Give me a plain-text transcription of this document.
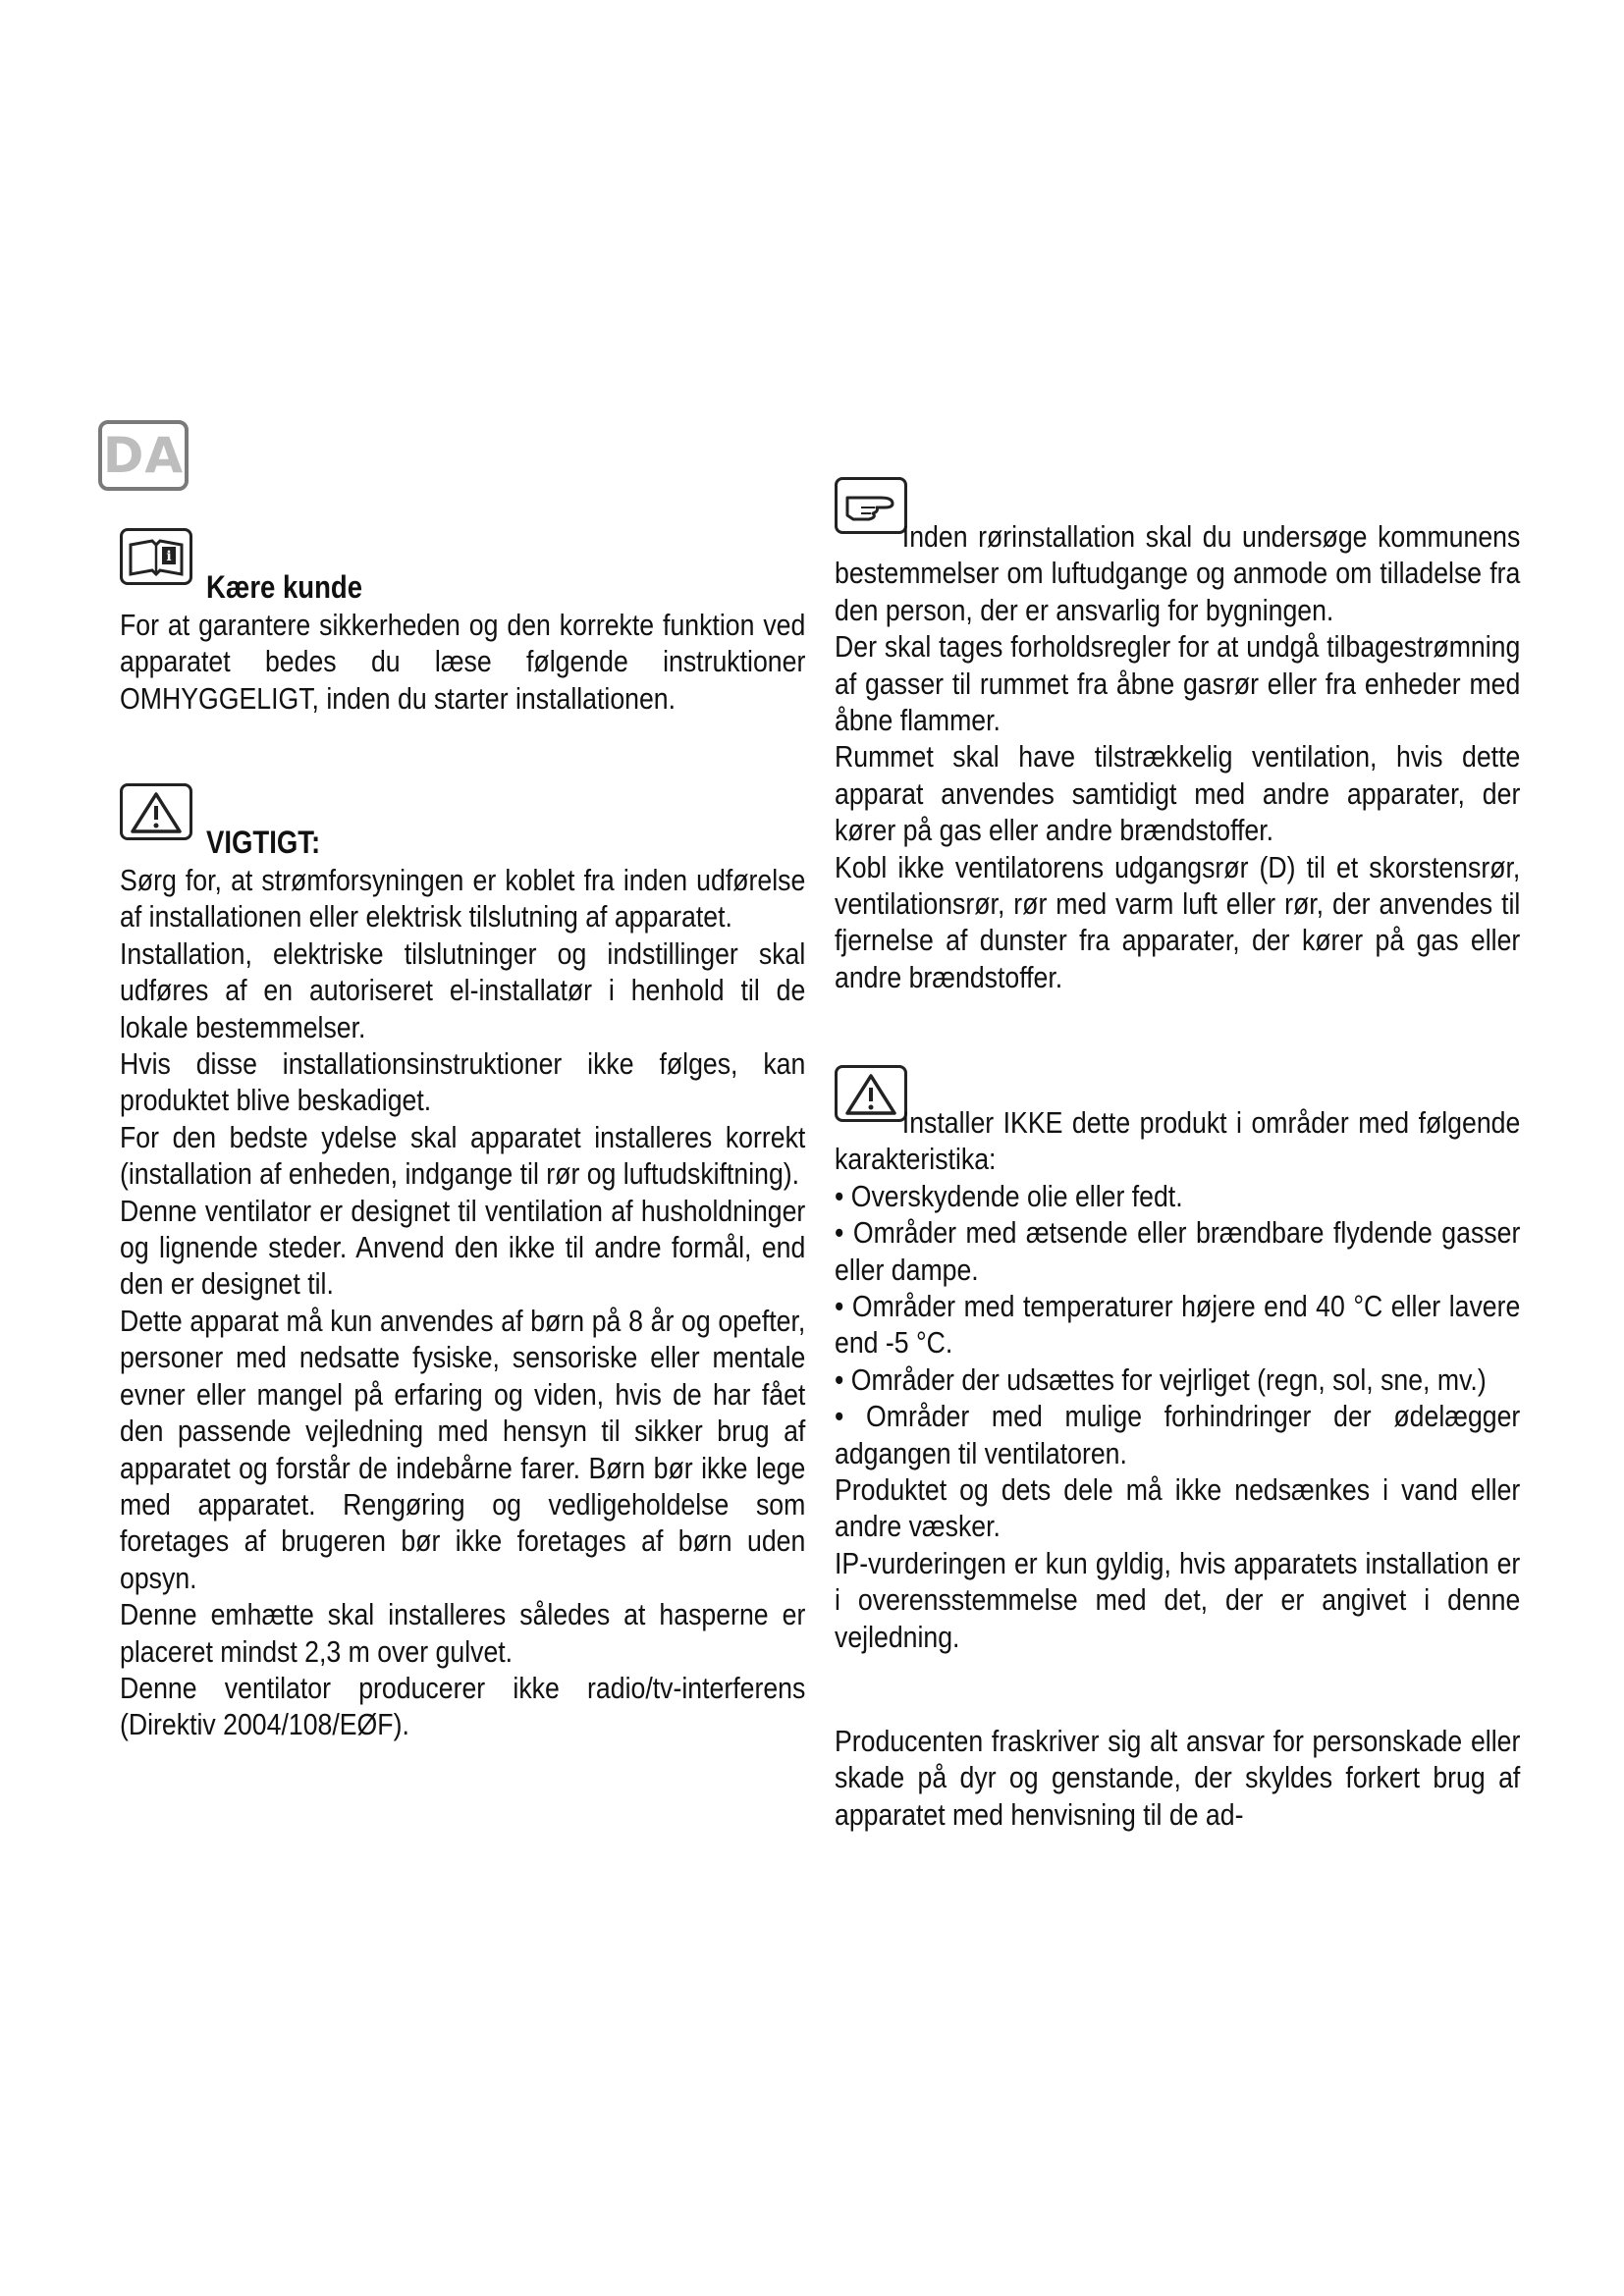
DA
i
Kære kunde

For at garantere sikkerheden og den korrekte funktion ved apparatet bedes du læse følgende instruktioner OMHYGGELIGT, inden du starter installationen.

VIGTIGT:

Sørg for, at strømforsyningen er koblet fra inden udførelse af installationen eller elektrisk tilslutning af apparatet.

Installation, elektriske tilslutninger og indstillinger skal udføres af en autoriseret el-installatør i henhold til de lokale bestemmelser.

Hvis disse installationsinstruktioner ikke følges, kan produktet blive beskadiget.

For den bedste ydelse skal apparatet installeres korrekt (installation af enheden, indgange til rør og luftudskiftning).

Denne ventilator er designet til ventilation af husholdninger og lignende steder. Anvend den ikke til andre formål, end den er designet til.

Dette apparat må kun anvendes af børn på 8 år og opefter, personer med nedsatte fysiske, sensoriske eller mentale evner eller mangel på erfaring og viden, hvis de har fået den passende vejledning med hensyn til sikker brug af apparatet og forstår de indebårne farer. Børn bør ikke lege med apparatet. Rengøring og vedligeholdelse som foretages af brugeren bør ikke foretages af børn uden opsyn.

Denne emhætte skal installeres således at hasperne er placeret mindst 2,3 m over gulvet.

Denne ventilator producerer ikke radio/tv-interferens (Direktiv 2004/108/EØF).

Inden rørinstallation skal du undersøge kommunens bestemmelser om luftudgange og anmode om tilladelse fra den person, der er ansvarlig for bygningen.

Der skal tages forholdsregler for at undgå tilbagestrømning af gasser til rummet fra åbne gasrør eller fra enheder med åbne flammer.

Rummet skal have tilstrækkelig ventilation, hvis dette apparat anvendes samtidigt med andre apparater, der kører på gas eller andre brændstoffer.

Kobl ikke ventilatorens udgangsrør (D) til et skorstensrør, ventilationsrør, rør med varm luft eller rør, der anvendes til fjernelse af dunster fra apparater, der kører på gas eller andre brændstoffer.

Installer IKKE dette produkt i områder med følgende karakteristika:

• Overskydende olie eller fedt.

• Områder med ætsende eller brændbare flydende gasser eller dampe.

• Områder med temperaturer højere end 40 °C eller lavere end -5 °C.

• Områder der udsættes for vejrliget (regn, sol, sne, mv.)

• Områder med mulige forhindringer der ødelægger adgangen til ventilatoren.

Produktet og dets dele må ikke nedsænkes i vand eller andre væsker.

IP-vurderingen er kun gyldig, hvis apparatets installation er i overensstemmelse med det, der er angivet i denne vejledning.

Producenten fraskriver sig alt ansvar for personskade eller skade på dyr og genstande, der skyldes forkert brug af apparatet med henvisning til de ad-
